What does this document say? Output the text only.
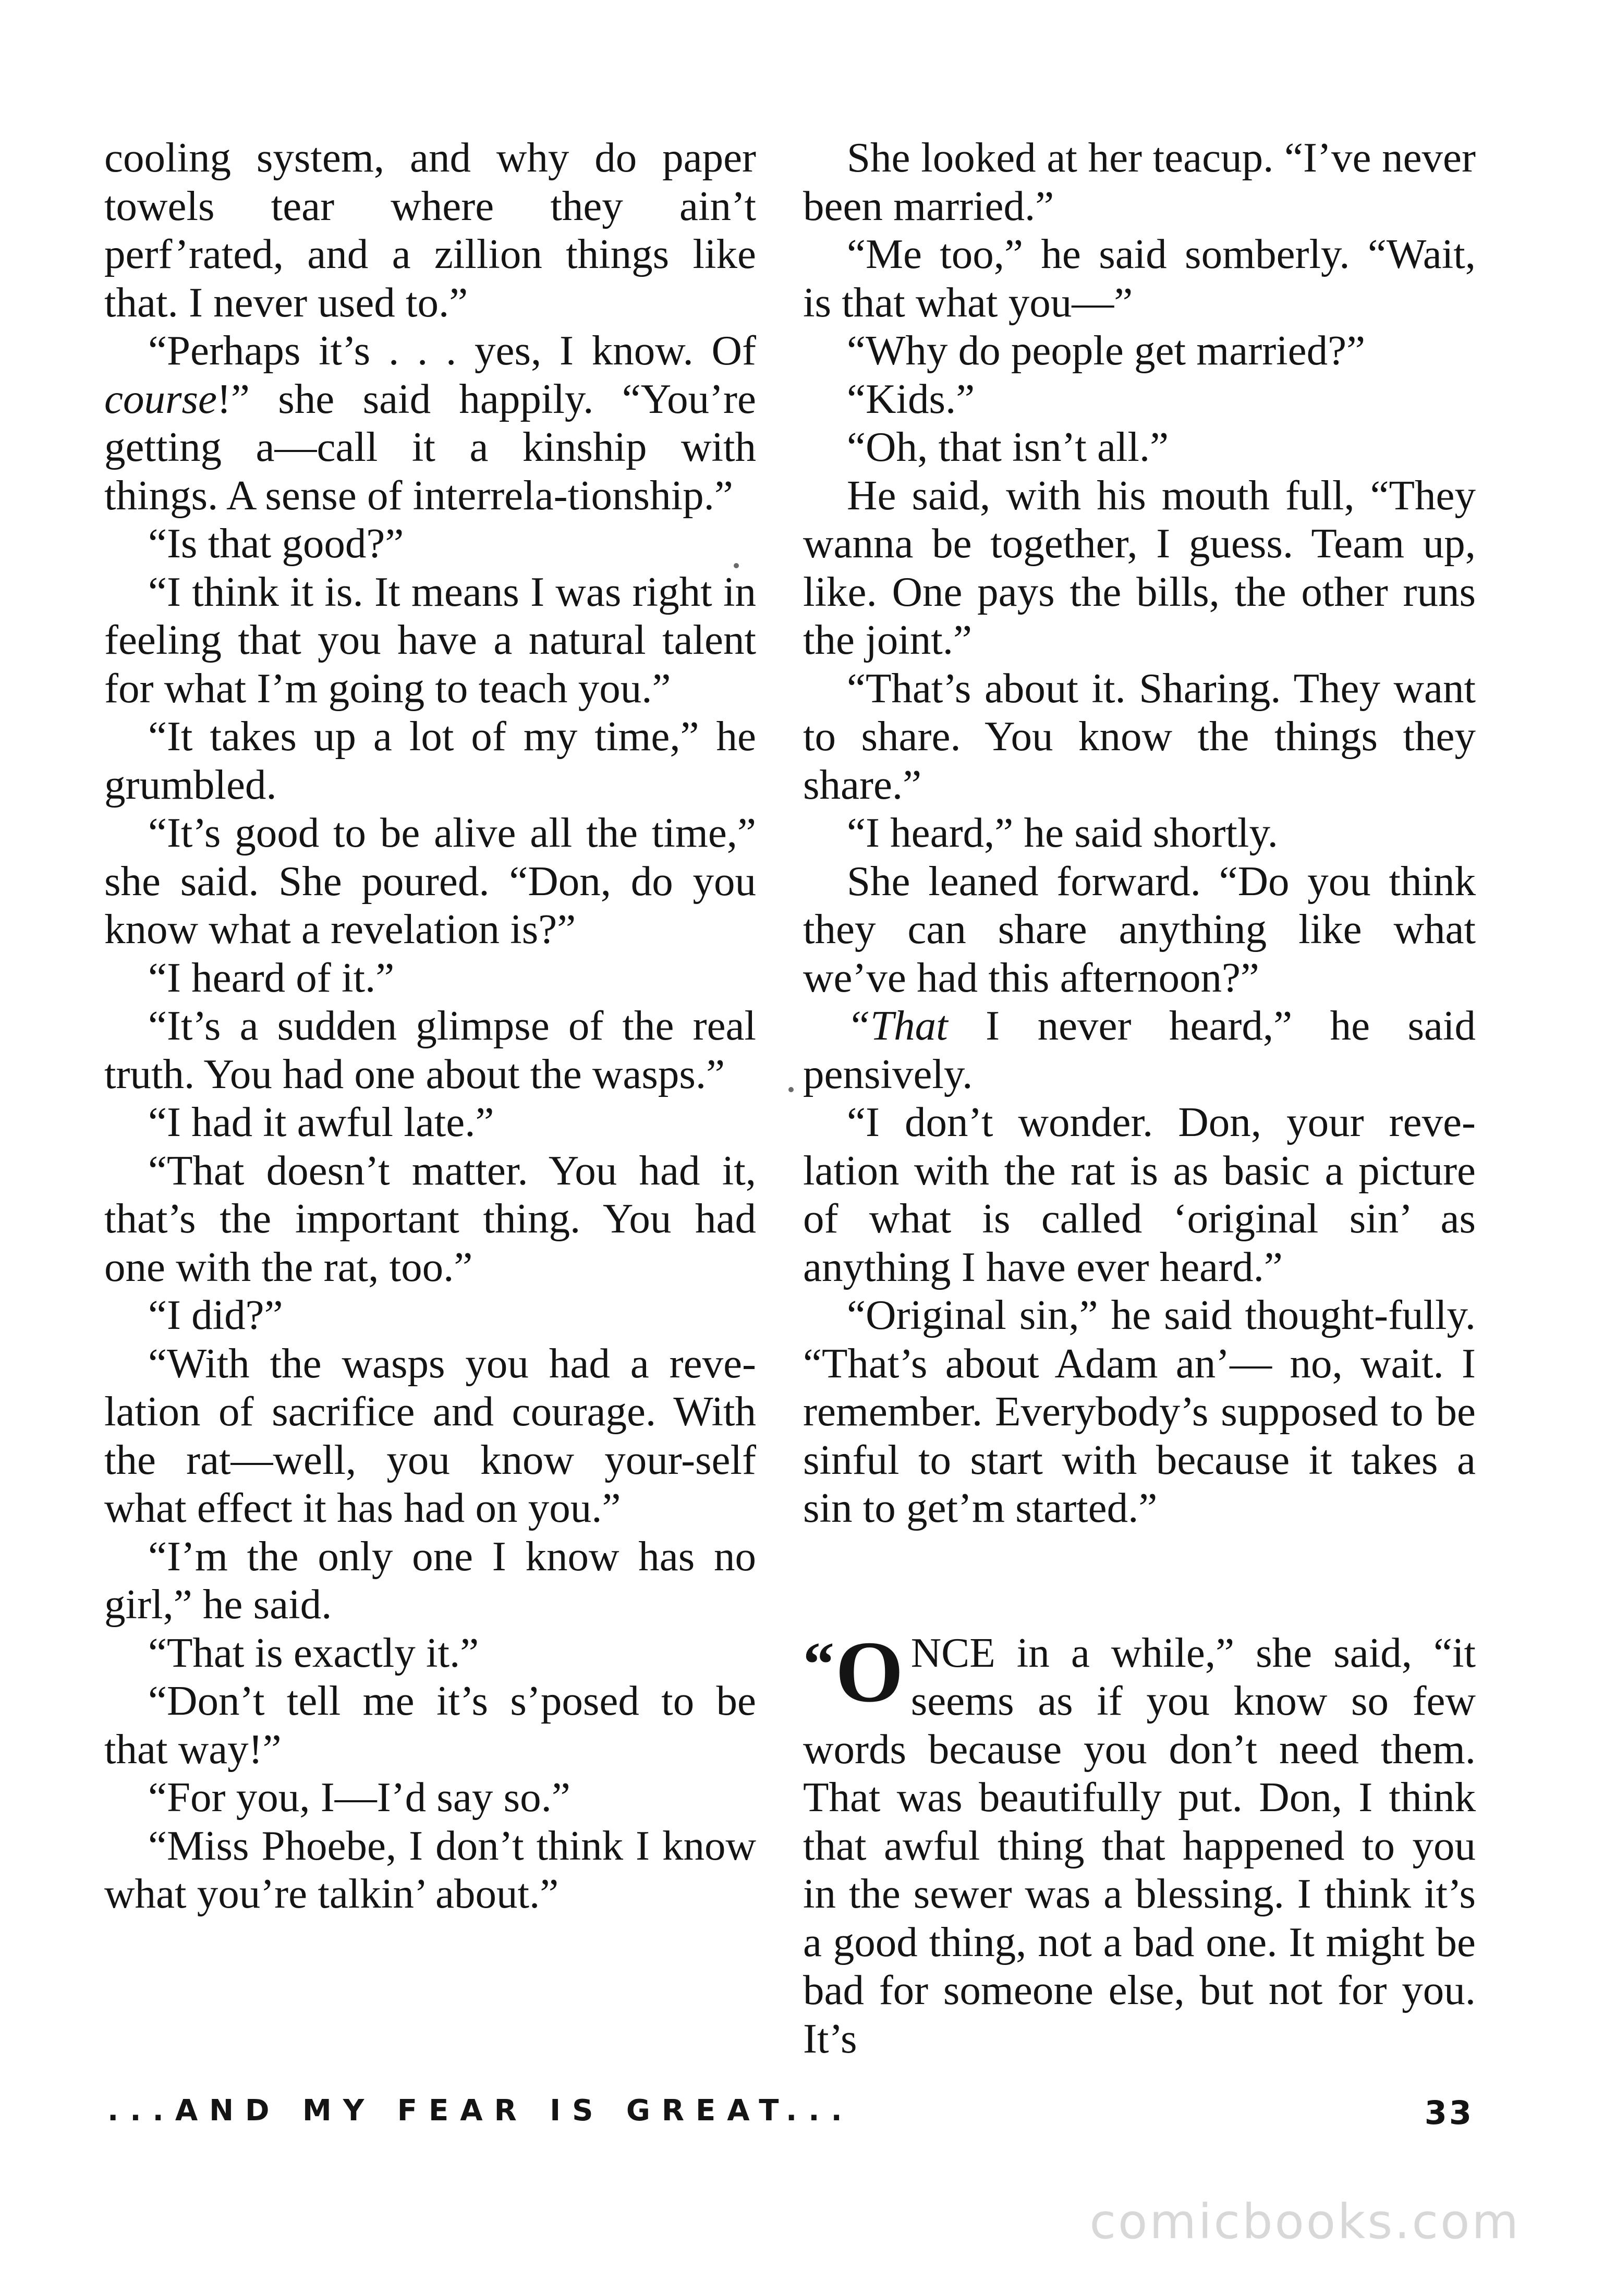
cooling system, and why do paper towels tear where they ain’t perf’rated, and a zillion things like that. I never used to.”

“Perhaps it’s . . . yes, I know. Of course!” she said happily. “You’re getting a—call it a kinship with things. A sense of interrela-tionship.”

“Is that good?”

“I think it is. It means I was right in feeling that you have a natural talent for what I’m going to teach you.”

“It takes up a lot of my time,” he grumbled.

“It’s good to be alive all the time,” she said. She poured. “Don, do you know what a revelation is?”

“I heard of it.”

“It’s a sudden glimpse of the real truth. You had one about the wasps.”

“I had it awful late.”

“That doesn’t matter. You had it, that’s the important thing. You had one with the rat, too.”

“I did?”

“With the wasps you had a reve-lation of sacrifice and courage. With the rat—well, you know your-self what effect it has had on you.”

“I’m the only one I know has no girl,” he said.

“That is exactly it.”

“Don’t tell me it’s s’posed to be that way!”

“For you, I—I’d say so.”

“Miss Phoebe, I don’t think I know what you’re talkin’ about.”

She looked at her teacup. “I’ve never been married.”

“Me too,” he said somberly. “Wait, is that what you—”

“Why do people get married?”

“Kids.”

“Oh, that isn’t all.”

He said, with his mouth full, “They wanna be together, I guess. Team up, like. One pays the bills, the other runs the joint.”

“That’s about it. Sharing. They want to share. You know the things they share.”

“I heard,” he said shortly.

She leaned forward. “Do you think they can share anything like what we’ve had this afternoon?”

“That I never heard,” he said pensively.

“I don’t wonder. Don, your reve-lation with the rat is as basic a picture of what is called ‘original sin’ as anything I have ever heard.”

“Original sin,” he said thought-fully. “That’s about Adam an’— no, wait. I remember. Everybody’s supposed to be sinful to start with because it takes a sin to get’m started.”

“ O NCE in a while,” she said, “it seems as if you know so few words because you don’t need them. That was beautifully put. Don, I think that awful thing that happened to you in the sewer was a blessing. I think it’s a good thing, not a bad one. It might be bad for someone else, but not for you. It’s

...AND MY FEAR IS GREAT...	33
comicbooks.com
